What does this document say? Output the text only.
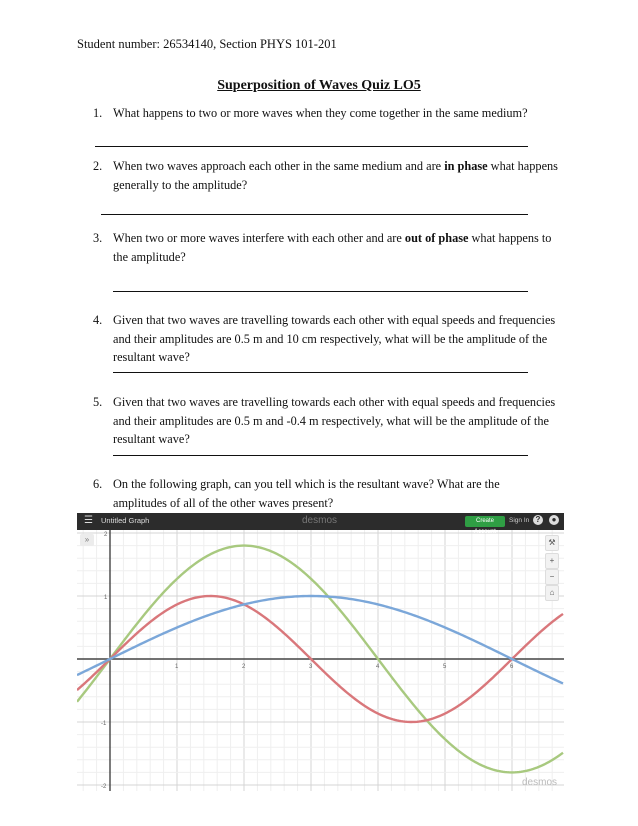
Student number: 26534140, Section PHYS 101-201
Superposition of Waves Quiz LO5
1. What happens to two or more waves when they come together in the same medium?
2. When two waves approach each other in the same medium and are in phase what happens generally to the amplitude?
3. When two or more waves interfere with each other and are out of phase what happens to the amplitude?
4. Given that two waves are travelling towards each other with equal speeds and frequencies and their amplitudes are 0.5 m and 10 cm respectively, what will be the amplitude of the resultant wave?
5. Given that two waves are travelling towards each other with equal speeds and frequencies and their amplitudes are 0.5 m and -0.4 m respectively, what will be the amplitude of the resultant wave?
6. On the following graph, can you tell which is the resultant wave? What are the amplitudes of all of the other waves present?
1	2	3	4	5	6
2
1
-1
-2
☰ Untitled Graph	desmos	Create Account
Sign In ?	●
»	⚒
+
−
⌂
desmos
